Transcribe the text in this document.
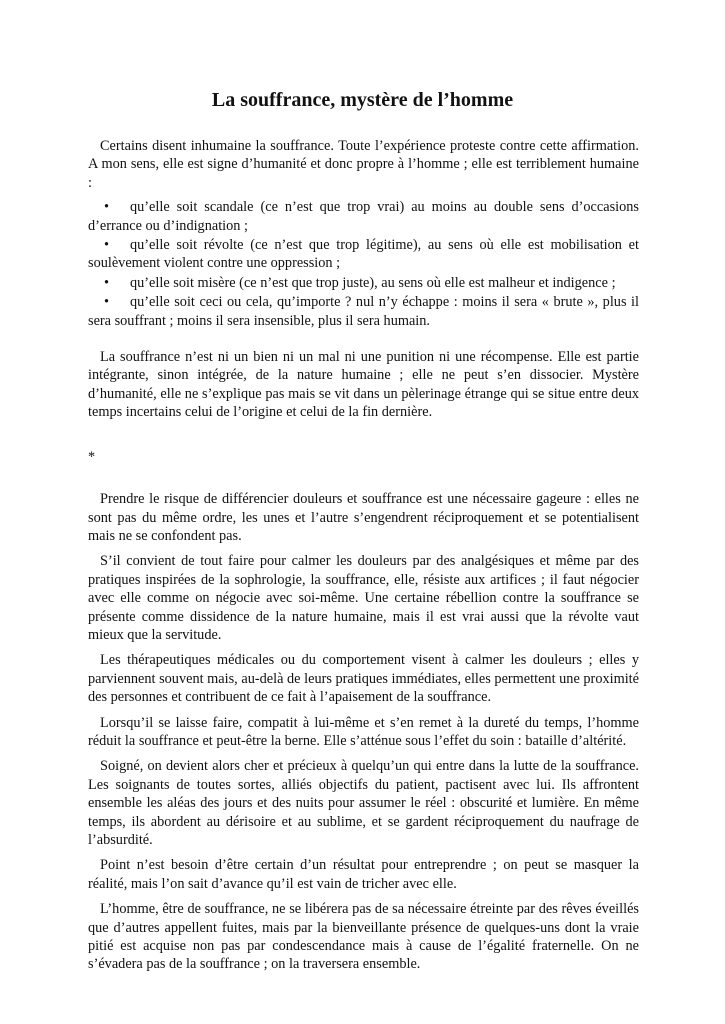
La souffrance, mystère de l’homme

Certains disent inhumaine la souffrance. Toute l’expérience proteste contre cette affirmation. A mon sens, elle est signe d’humanité et donc propre à l’homme ; elle est terriblement humaine :

• qu’elle soit scandale (ce n’est que trop vrai) au moins au double sens d’occasions d’errance ou d’indignation ;
• qu’elle soit révolte (ce n’est que trop légitime), au sens où elle est mobilisation et soulèvement violent contre une oppression ;
• qu’elle soit misère (ce n’est que trop juste), au sens où elle est malheur et indigence ;
• qu’elle soit ceci ou cela, qu’importe ? nul n’y échappe : moins il sera « brute », plus il sera souffrant ; moins il sera insensible, plus il sera humain.

La souffrance n’est ni un bien ni un mal ni une punition ni une récompense. Elle est partie intégrante, sinon intégrée, de la nature humaine ; elle ne peut s’en dissocier. Mystère d’humanité, elle ne s’explique pas mais se vit dans un pèlerinage étrange qui se situe entre deux temps incertains celui de l’origine et celui de la fin dernière.

*

Prendre le risque de différencier douleurs et souffrance est une nécessaire gageure : elles ne sont pas du même ordre, les unes et l’autre s’engendrent réciproquement et se potentialisent mais ne se confondent pas.

S’il convient de tout faire pour calmer les douleurs par des analgésiques et même par des pratiques inspirées de la sophrologie, la souffrance, elle, résiste aux artifices ; il faut négocier avec elle comme on négocie avec soi-même. Une certaine rébellion contre la souffrance se présente comme dissidence de la nature humaine, mais il est vrai aussi que la révolte vaut mieux que la servitude.

Les thérapeutiques médicales ou du comportement visent à calmer les douleurs ; elles y parviennent souvent mais, au-delà de leurs pratiques immédiates, elles permettent une proximité des personnes et contribuent de ce fait à l’apaisement de la souffrance.

Lorsqu’il se laisse faire, compatit à lui-même et s’en remet à la dureté du temps, l’homme réduit la souffrance et peut-être la berne. Elle s’atténue sous l’effet du soin : bataille d’altérité.

Soigné, on devient alors cher et précieux à quelqu’un qui entre dans la lutte de la souffrance. Les soignants de toutes sortes, alliés objectifs du patient, pactisent avec lui. Ils affrontent ensemble les aléas des jours et des nuits pour assumer le réel : obscurité et lumière. En même temps, ils abordent au dérisoire et au sublime, et se gardent réciproquement du naufrage de l’absurdité.

Point n’est besoin d’être certain d’un résultat pour entreprendre ; on peut se masquer la réalité, mais l’on sait d’avance qu’il est vain de tricher avec elle.

L’homme, être de souffrance, ne se libérera pas de sa nécessaire étreinte par des rêves éveillés que d’autres appellent fuites, mais par la bienveillante présence de quelques-uns dont la vraie pitié est acquise non pas par condescendance mais à cause de l’égalité fraternelle. On ne s’évadera pas de la souffrance ; on la traversera ensemble.
